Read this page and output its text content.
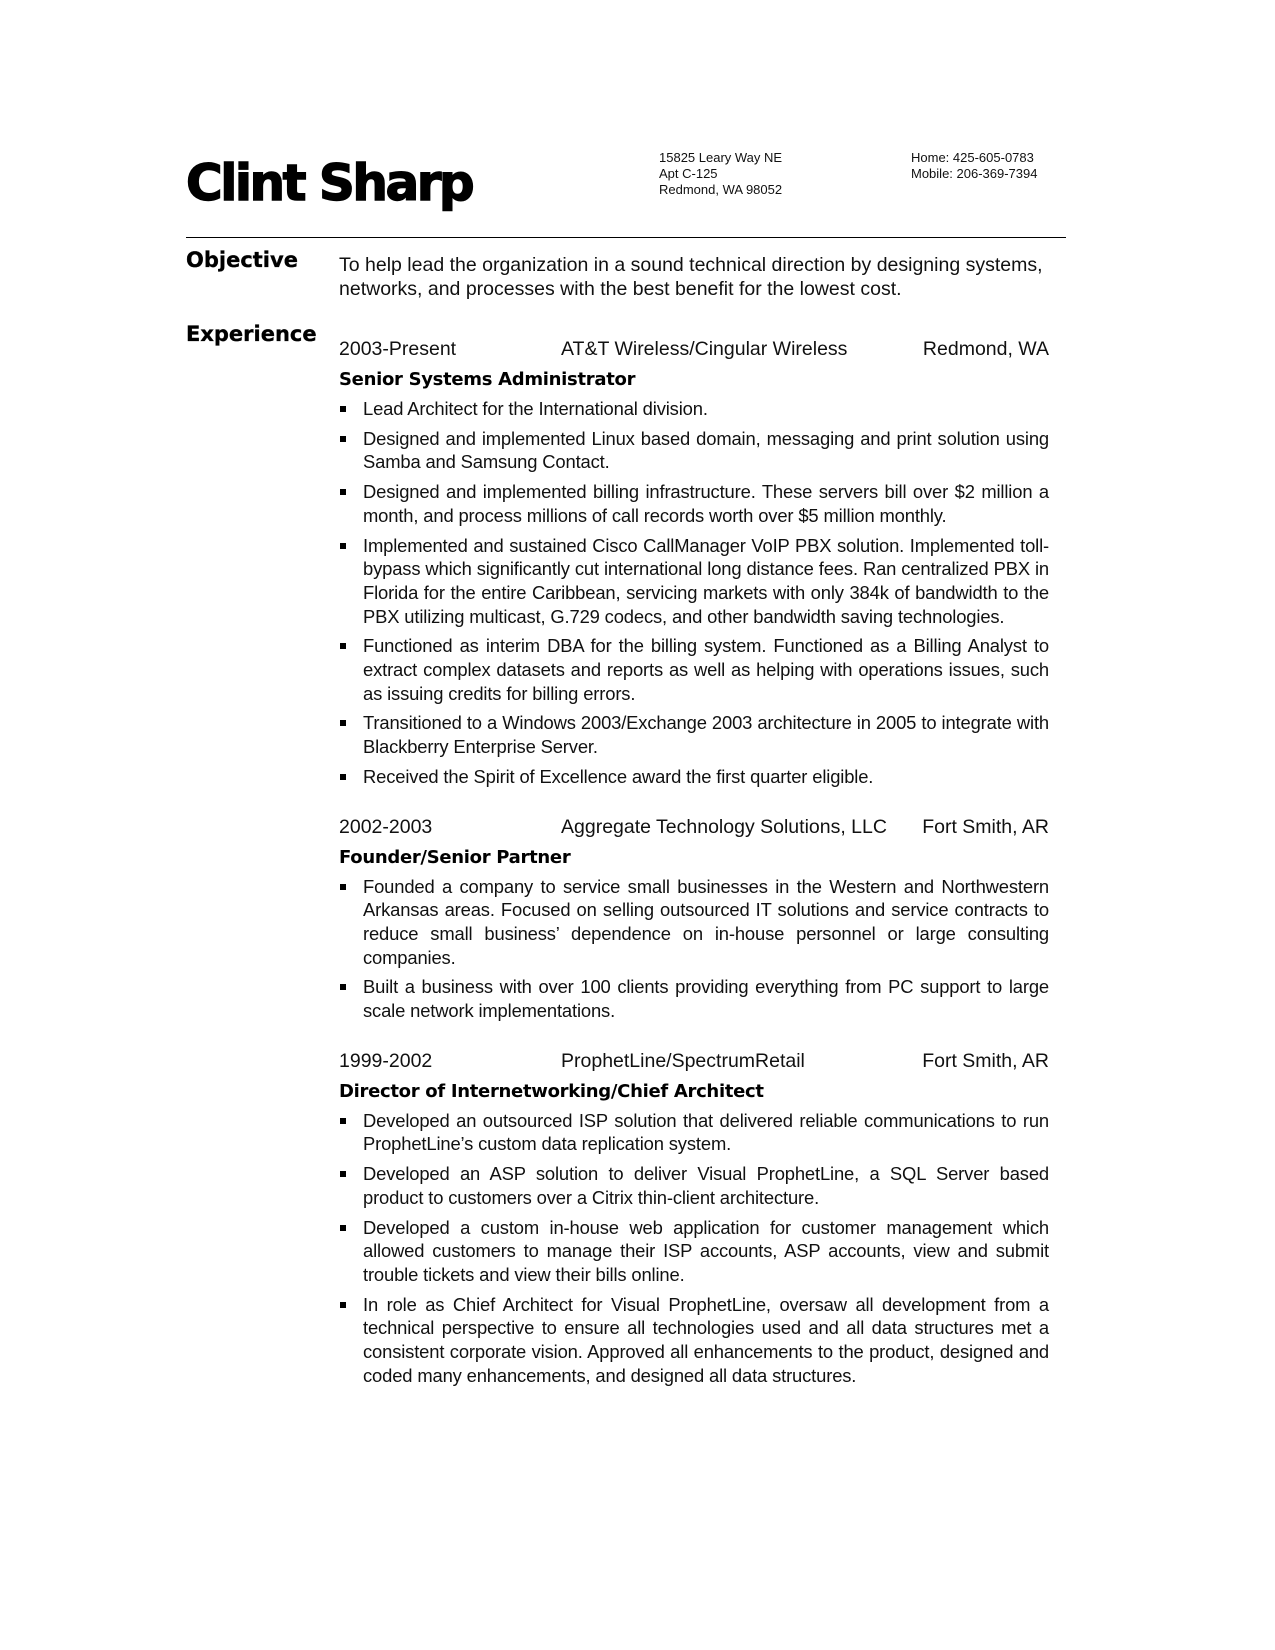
Clint Sharp	15825 Leary Way NE
Apt C-125
Redmond, WA 98052
Home: 425-605-0783
Mobile: 206-369-7394
Objective To help lead the organization in a sound technical direction by designing systems, networks, and processes with the best benefit for the lowest cost.
Experience
2003-Present	AT&T Wireless/Cingular Wireless	Redmond, WA
Senior Systems Administrator
Lead Architect for the International division.
Designed and implemented Linux based domain, messaging and print solution using Samba and Samsung Contact.
Designed and implemented billing infrastructure. These servers bill over $2 million a month, and process millions of call records worth over $5 million monthly.
Implemented and sustained Cisco CallManager VoIP PBX solution. Implemented toll-bypass which significantly cut international long distance fees. Ran centralized PBX in Florida for the entire Caribbean, servicing markets with only 384k of bandwidth to the PBX utilizing multicast, G.729 codecs, and other bandwidth saving technologies.
Functioned as interim DBA for the billing system. Functioned as a Billing Analyst to extract complex datasets and reports as well as helping with operations issues, such as issuing credits for billing errors.
Transitioned to a Windows 2003/Exchange 2003 architecture in 2005 to integrate with Blackberry Enterprise Server.
Received the Spirit of Excellence award the first quarter eligible.
2002-2003	Aggregate Technology Solutions, LLC Fort Smith, AR
Founder/Senior Partner
Founded a company to service small businesses in the Western and Northwestern Arkansas areas. Focused on selling outsourced IT solutions and service contracts to reduce small business’ dependence on in-house personnel or large consulting companies.
Built a business with over 100 clients providing everything from PC support to large scale network implementations.
1999-2002	ProphetLine/SpectrumRetail	Fort Smith, AR
Director of Internetworking/Chief Architect
Developed an outsourced ISP solution that delivered reliable communications to run ProphetLine’s custom data replication system.
Developed an ASP solution to deliver Visual ProphetLine, a SQL Server based product to customers over a Citrix thin-client architecture.
Developed a custom in-house web application for customer management which allowed customers to manage their ISP accounts, ASP accounts, view and submit trouble tickets and view their bills online.
In role as Chief Architect for Visual ProphetLine, oversaw all development from a technical perspective to ensure all technologies used and all data structures met a consistent corporate vision. Approved all enhancements to the product, designed and coded many enhancements, and designed all data structures.
